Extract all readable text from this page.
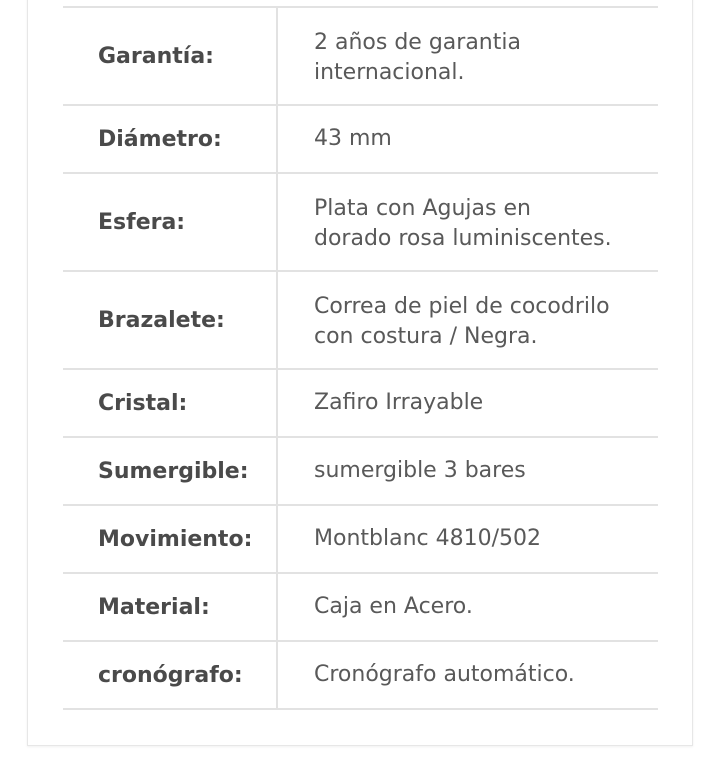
Garantía:
2 años de garantia internacional.
Diámetro:	43 mm
Esfera:
Plata con Agujas en dorado rosa luminiscentes.
Brazalete:
Correa de piel de cocodrilo con costura / Negra.
Cristal:	Zafiro Irrayable
Sumergible:	sumergible 3 bares
Movimiento:	Montblanc 4810/502
Material:	Caja en Acero.
cronógrafo:	Cronógrafo automático.
